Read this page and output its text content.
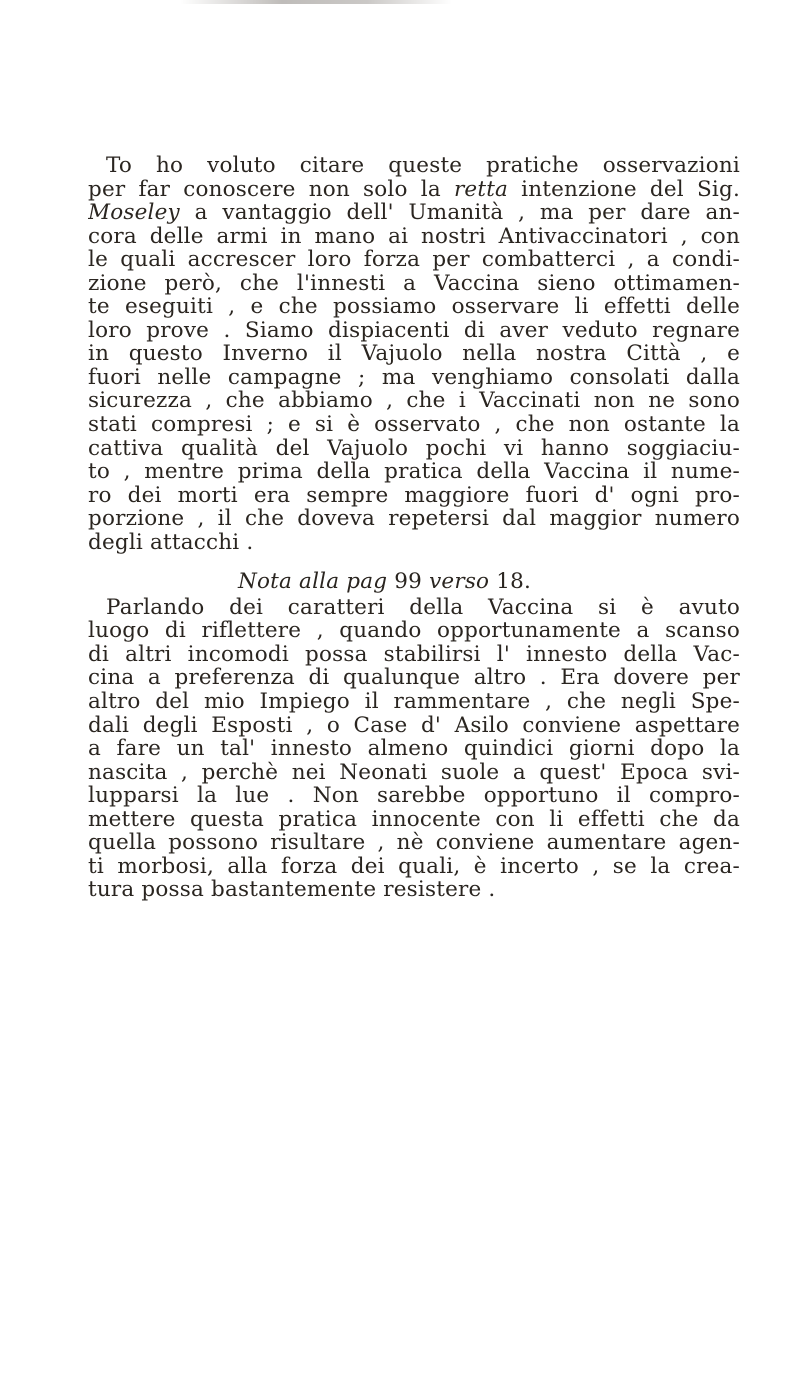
To ho voluto citare queste pratiche osservazioni
per far conoscere non solo la retta intenzione del Sig.
Moseley a vantaggio dell' Umanità , ma per dare an-
cora delle armi in mano ai nostri Antivaccinatori , con
le quali accrescer loro forza per combatterci , a condi-
zione però, che l'innesti a Vaccina sieno ottimamen-
te eseguiti , e che possiamo osservare li effetti delle
loro prove . Siamo dispiacenti di aver veduto regnare
in questo Inverno il Vajuolo nella nostra Città , e
fuori nelle campagne ; ma venghiamo consolati dalla
sicurezza , che abbiamo , che i Vaccinati non ne sono
stati compresi ; e si è osservato , che non ostante la
cattiva qualità del Vajuolo pochi vi hanno soggiaciu-
to , mentre prima della pratica della Vaccina il nume-
ro dei morti era sempre maggiore fuori d' ogni pro-
porzione , il che doveva repetersi dal maggior numero
degli attacchi .
Nota alla pag 99 verso 18.
Parlando dei caratteri della Vaccina si è avuto
luogo di riflettere , quando opportunamente a scanso
di altri incomodi possa stabilirsi l' innesto della Vac-
cina a preferenza di qualunque altro . Era dovere per
altro del mio Impiego il rammentare , che negli Spe-
dali degli Esposti , o Case d' Asilo conviene aspettare
a fare un tal' innesto almeno quindici giorni dopo la
nascita , perchè nei Neonati suole a quest' Epoca svi-
lupparsi la lue . Non sarebbe opportuno il compro-
mettere questa pratica innocente con li effetti che da
quella possono risultare , nè conviene aumentare agen-
ti morbosi, alla forza dei quali, è incerto , se la crea-
tura possa bastantemente resistere .
